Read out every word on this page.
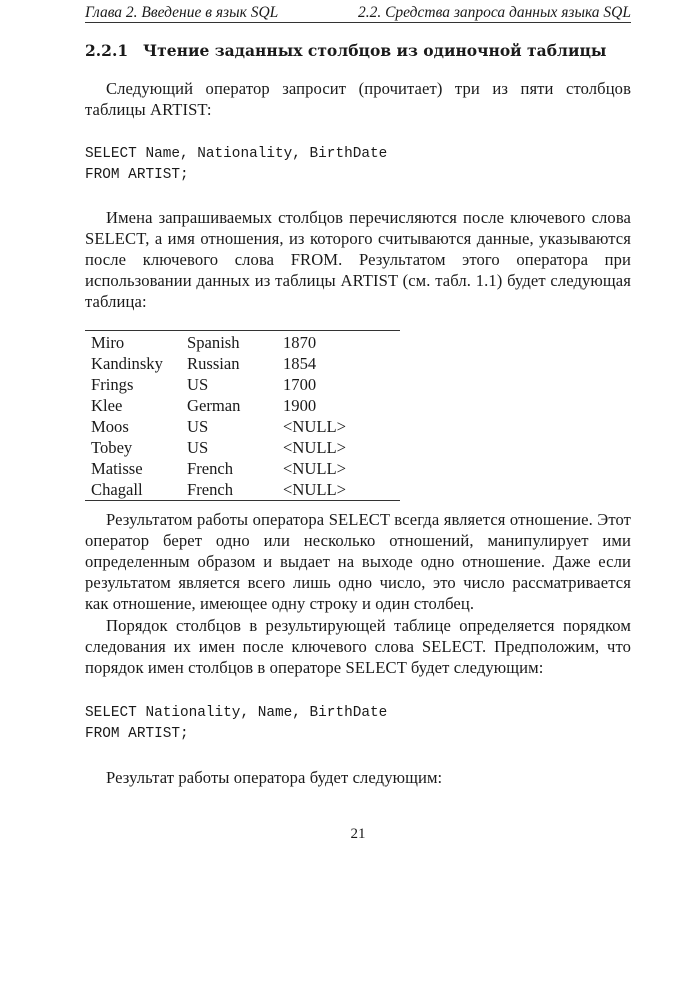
Глава 2. Введение в язык SQL	2.2. Средства запроса данных языка SQL
2.2.1 Чтение заданных столбцов из одиночной таблицы

Следующий оператор запросит (прочитает) три из пяти столбцов таблицы ARTIST:

SELECT Name, Nationality, BirthDate
FROM ARTIST;

Имена запрашиваемых столбцов перечисляются после ключевого слова SELECT, а имя отношения, из которого считываются данные, указываются после ключевого слова FROM. Результатом этого оператора при использовании данных из таблицы ARTIST (см. табл. 1.1) будет следующая таблица:

Miro	Spanish	1870
Kandinsky	Russian	1854
Frings	US	1700
Klee	German	1900
Moos	US	<NULL>
Tobey	US	<NULL>
Matisse	French	<NULL>
Chagall	French	<NULL>

Результатом работы оператора SELECT всегда является отношение. Этот оператор берет одно или несколько отношений, манипулирует ими определенным образом и выдает на выходе одно отношение. Даже если результатом является всего лишь одно число, это число рассматривается как отношение, имеющее одну строку и один столбец.

Порядок столбцов в результирующей таблице определяется порядком следования их имен после ключевого слова SELECT. Предположим, что порядок имен столбцов в операторе SELECT будет следующим:

SELECT Nationality, Name, BirthDate
FROM ARTIST;

Результат работы оператора будет следующим:

21
